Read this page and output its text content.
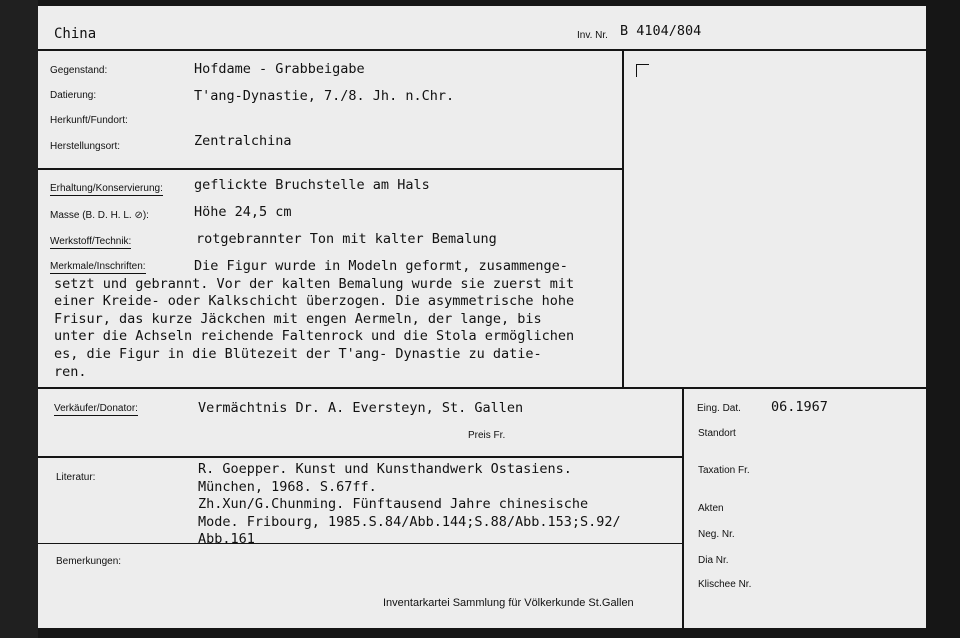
China	Inv. Nr. B 4104/804
Gegenstand:	Hofdame - Grabbeigabe
Datierung:	T'ang-Dynastie, 7./8. Jh. n.Chr.
Herkunft/Fundort:
Herstellungsort:	Zentralchina
Erhaltung/Konservierung: geflickte Bruchstelle am Hals
Masse (B. D. H. L. ⊘):	Höhe 24,5 cm
Werkstoff/Technik:	rotgebrannter Ton mit kalter Bemalung
Merkmale/Inschriften:	Die Figur wurde in Modeln geformt, zusammenge-
setzt und gebrannt. Vor der kalten Bemalung wurde sie zuerst mit
einer Kreide- oder Kalkschicht überzogen. Die asymmetrische hohe
Frisur, das kurze Jäckchen mit engen Aermeln, der lange, bis
unter die Achseln reichende Faltenrock und die Stola ermöglichen
es, die Figur in die Blütezeit der T'ang- Dynastie zu datie-
ren.
Verkäufer/Donator:	Vermächtnis Dr. A. Eversteyn, St. Gallen
Preis Fr.
Literatur:
R. Goepper. Kunst und Kunsthandwerk Ostasiens.
München, 1968. S.67ff.
Zh.Xun/G.Chunming. Fünftausend Jahre chinesische
Mode. Fribourg, 1985.S.84/Abb.144;S.88/Abb.153;S.92/
Abb.161
Bemerkungen:
Inventarkartei Sammlung für Völkerkunde St.Gallen
Eing. Dat. 06.1967
Standort
Taxation Fr.
Akten
Neg. Nr.
Dia Nr.
Klischee Nr.
